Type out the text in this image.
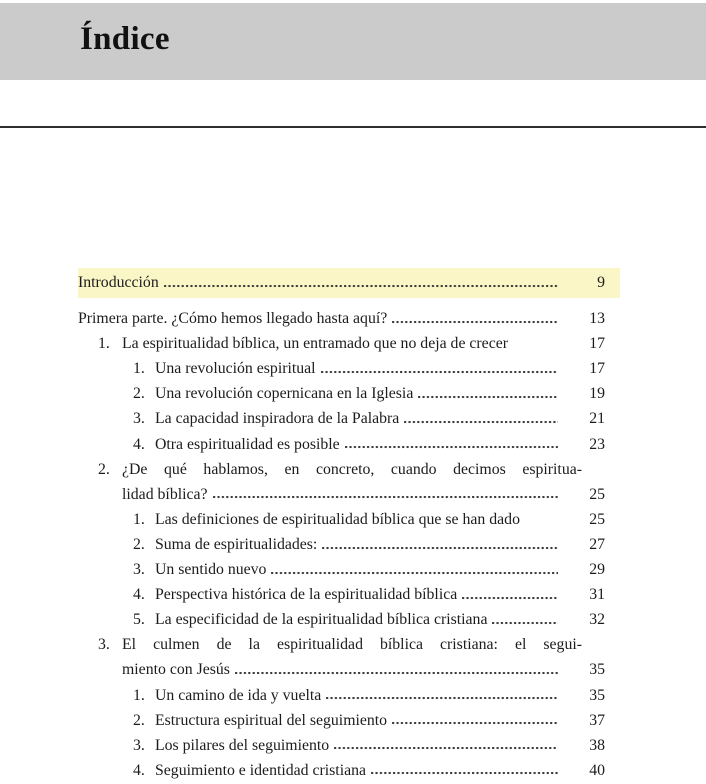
Índice
Introducción	9
Primera parte. ¿Cómo hemos llegado hasta aquí?	13
1. La espiritualidad bíblica, un entramado que no deja de crecer	17
1. Una revolución espiritual	17
2. Una revolución copernicana en la Iglesia	19
3. La capacidad inspiradora de la Palabra	21
4. Otra espiritualidad es posible	23
2. ¿De qué hablamos, en concreto, cuando decimos espiritua-
lidad bíblica?	25
1. Las definiciones de espiritualidad bíblica que se han dado	25
2. Suma de espiritualidades:	27
3. Un sentido nuevo	29
4. Perspectiva histórica de la espiritualidad bíblica	31
5. La especificidad de la espiritualidad bíblica cristiana	32
3. El culmen de la espiritualidad bíblica cristiana: el segui-
miento con Jesús	35
1. Un camino de ida y vuelta	35
2. Estructura espiritual del seguimiento	37
3. Los pilares del seguimiento	38
4. Seguimiento e identidad cristiana	40
